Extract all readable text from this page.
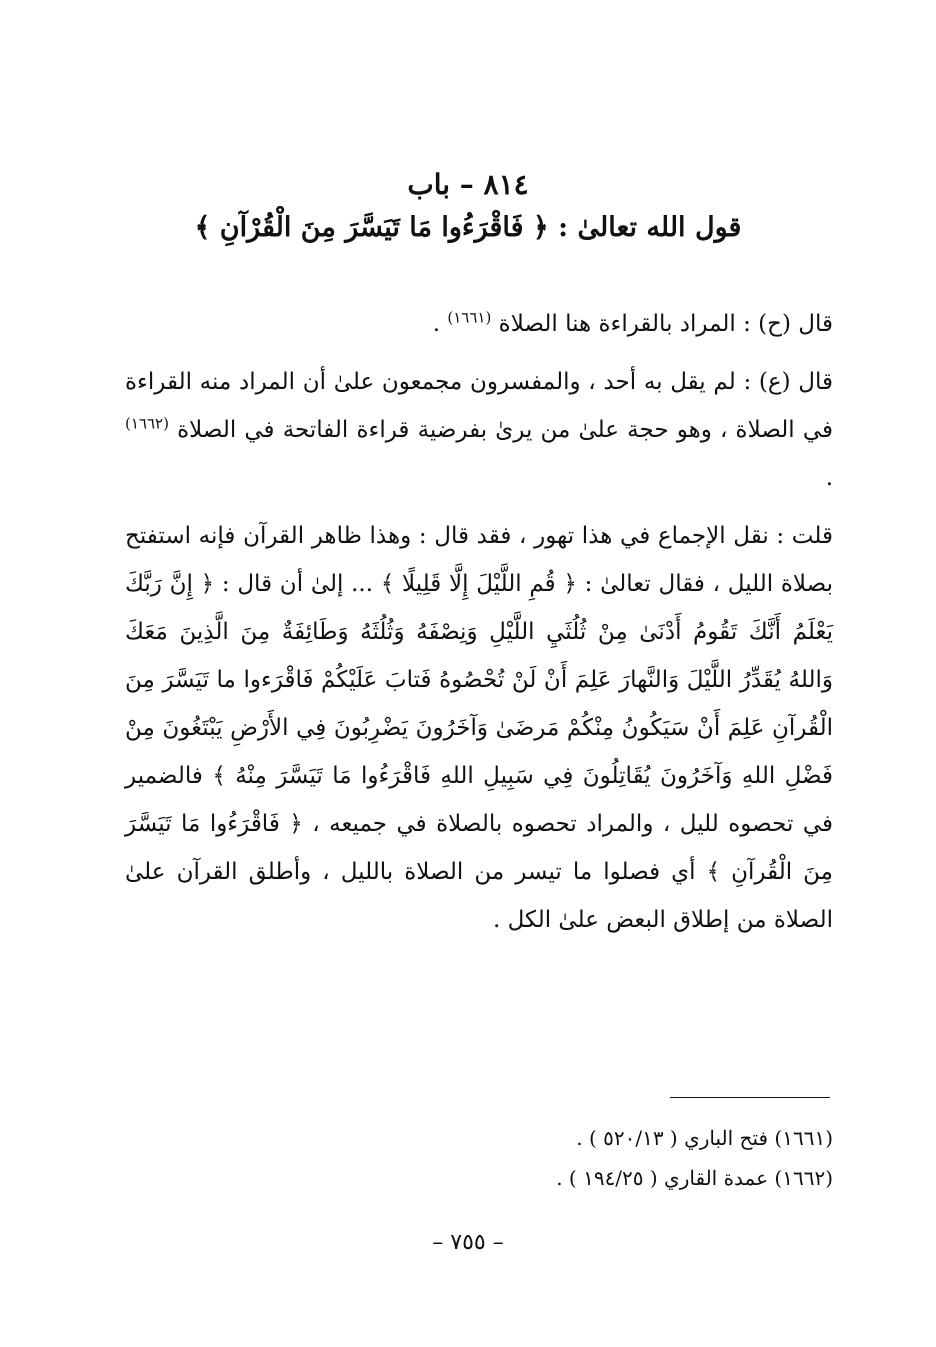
٨١٤ – باب
قول الله تعالىٰ : ﴿ فَاقْرَءُوا مَا تَيَسَّرَ مِنَ الْقُرْآنِ ﴾

قال (ح) : المراد بالقراءة هنا الصلاة $^{(١٦٦١)}$ .

قال (ع) : لم يقل به أحد ، والمفسرون مجمعون علىٰ أن المراد منه القراءة في الصلاة ، وهو حجة علىٰ من يرىٰ بفرضية قراءة الفاتحة في الصلاة $^{(١٦٦٢)}$ .

قلت : نقل الإجماع في هذا تهور ، فقد قال : وهذا ظاهر القرآن فإنه استفتح بصلاة الليل ، فقال تعالىٰ : ﴿ قُمِ اللَّيْلَ إِلَّا قَلِيلًا ﴾ ... إلىٰ أن قال : ﴿ إِنَّ رَبَّكَ يَعْلَمُ أَنَّكَ تَقُومُ أَدْنَىٰ مِنْ ثُلُثَيِ اللَّيْلِ وَنِصْفَهُ وَثُلُثَهُ وَطَائِفَةٌ مِنَ الَّذِينَ مَعَكَ وَاللهُ يُقَدِّرُ اللَّيْلَ وَالنَّهارَ عَلِمَ أَنْ لَنْ تُحْصُوهُ فَتابَ عَلَيْكُمْ فَاقْرَءوا ما تَيَسَّرَ مِنَ الْقُرآنِ عَلِمَ أَنْ سَيَكُونُ مِنْكُمْ مَرضَىٰ وَآخَرُونَ يَضْرِبُونَ فِي الأَرْضِ يَبْتَغُونَ مِنْ فَضْلِ اللهِ وَآخَرُونَ يُقَاتِلُونَ فِي سَبِيلِ اللهِ فَاقْرَءُوا مَا تَيَسَّرَ مِنْهُ ﴾ فالضمير في تحصوه لليل ، والمراد تحصوه بالصلاة في جميعه ، ﴿ فَاقْرَءُوا مَا تَيَسَّرَ مِنَ الْقُرآنِ ﴾ أي فصلوا ما تيسر من الصلاة بالليل ، وأطلق القرآن علىٰ الصلاة من إطلاق البعض علىٰ الكل .

(١٦٦١) فتح الباري ( ٥٢٠/١٣ ) .
(١٦٦٢) عمدة القاري ( ١٩٤/٢٥ ) .
– ٧٥٥ –
